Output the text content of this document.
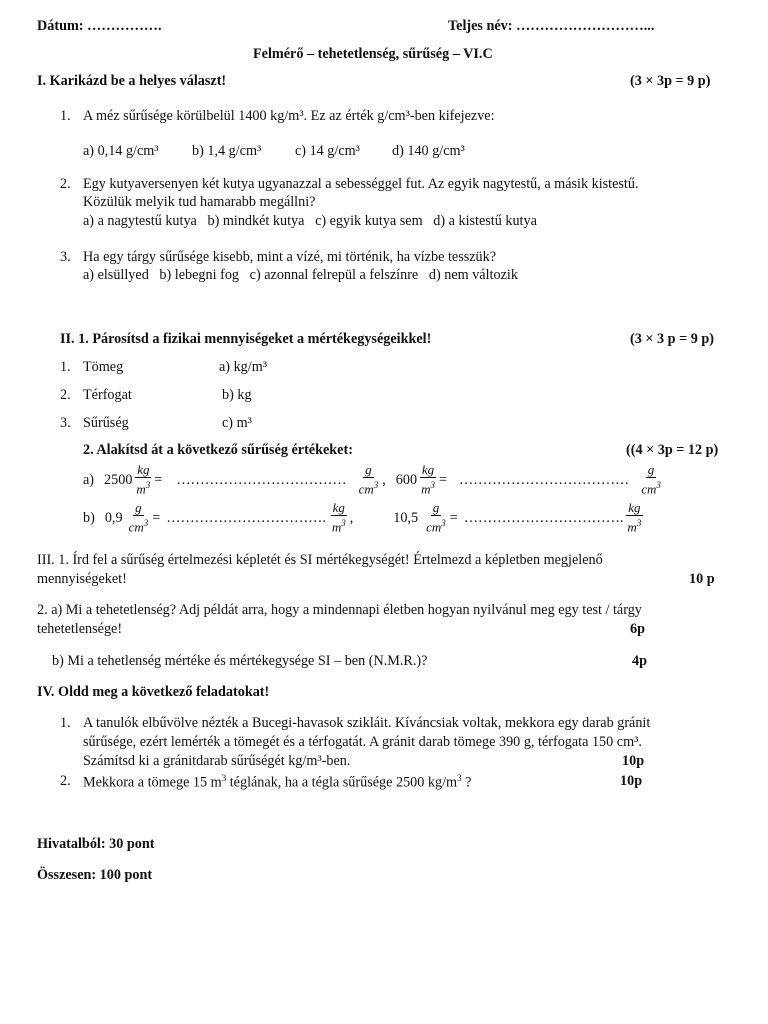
Dátum: …………….	Teljes név: ………………………...
Felmérő – tehetetlenség, sűrűség – VI.C
I. Karikázd be a helyes választ!	(3 × 3p = 9 p)
1. A méz sűrűsége körülbelül 1400 kg/m³. Ez az érték g/cm³-ben kifejezve:
a) 0,14 g/cm³ b) 1,4 g/cm³ c) 14 g/cm³ d) 140 g/cm³
2. Egy kutyaversenyen két kutya ugyanazzal a sebességgel fut. Az egyik nagytestű, a másik kistestű.
Közülük melyik tud hamarabb megállni?
a) a nagytestű kutya   b) mindkét kutya   c) egyik kutya sem   d) a kistestű kutya
3. Ha egy tárgy sűrűsége kisebb, mint a vízé, mi történik, ha vízbe tesszük?
a) elsüllyed   b) lebegni fog   c) azonnal felrepül a felszínre   d) nem változik
II. 1. Párosítsd a fizikai mennyiségeket a mértékegységeikkel!	(3 × 3 p = 9 p)
1. Tömeg	a) kg/m³
2. Térfogat	b) kg
3. Sűrűség	c) m³
2. Alakítsd át a következő sűrűség értékeket:	((4 × 3p = 12 p)
a) $2500 \frac{kg}{m^3}$ = ……………………………… $\frac{g}{cm^3}$ , $600 \frac{kg}{m^3}$ = ……………………………… $\frac{g}{cm^3}$
b) $0,9 \frac{g}{cm^3}$ = ……………………………. $\frac{kg}{m^3}$ ,	$10,5 \frac{g}{cm^3}$ = ……………………………. $\frac{kg}{m^3}$
III. 1. Írd fel a sűrűség értelmezési képletét és SI mértékegységét! Értelmezd a képletben megjelenő
mennyiségeket!	10 p
2. a) Mi a tehetetlenség? Adj példát arra, hogy a mindennapi életben hogyan nyilvánul meg egy test / tárgy
tehetetlensége!	6p
b) Mi a tehetlenség mértéke és mértékegysége SI – ben (N.M.R.)?	4p
IV. Oldd meg a következő feladatokat!
1. A tanulók elbűvölve nézték a Bucegi-havasok szikláit. Kíváncsiak voltak, mekkora egy darab gránit
sűrűsége, ezért lemérték a tömegét és a térfogatát. A gránit darab tömege 390 g, térfogata 150 cm³.
Számítsd ki a gránitdarab sűrűségét kg/m³-ben.	10p
2. Mekkora a tömege 15 $m^3$ téglának, ha a tégla sűrűsége 2500 $kg/m^3$ ?	10p
Hivatalból: 30 pont
Összesen: 100 pont
